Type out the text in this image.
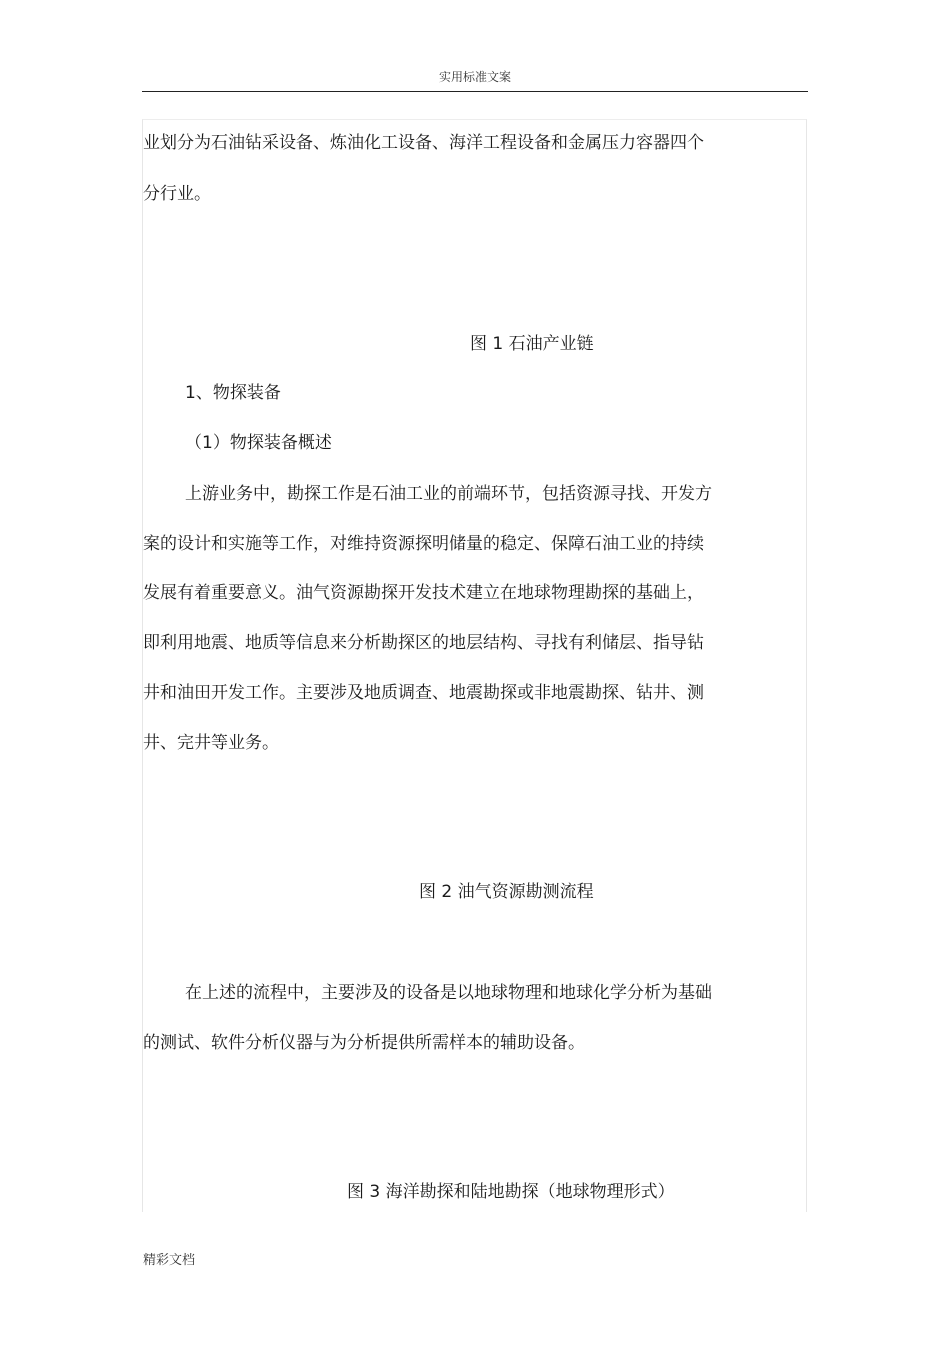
实用标准文案
业划分为石油钻采设备、炼油化工设备、海洋工程设备和金属压力容器四个
分行业。
图 1 石油产业链
1、物探装备
（1）物探装备概述
上游业务中，勘探工作是石油工业的前端环节，包括资源寻找、开发方
案的设计和实施等工作，对维持资源探明储量的稳定、保障石油工业的持续
发展有着重要意义。油气资源勘探开发技术建立在地球物理勘探的基础上，
即利用地震、地质等信息来分析勘探区的地层结构、寻找有利储层、指导钻
井和油田开发工作。主要涉及地质调查、地震勘探或非地震勘探、钻井、测
井、完井等业务。
图 2 油气资源勘测流程
在上述的流程中，主要涉及的设备是以地球物理和地球化学分析为基础
的测试、软件分析仪器与为分析提供所需样本的辅助设备。
图 3 海洋勘探和陆地勘探（地球物理形式）
精彩文档
